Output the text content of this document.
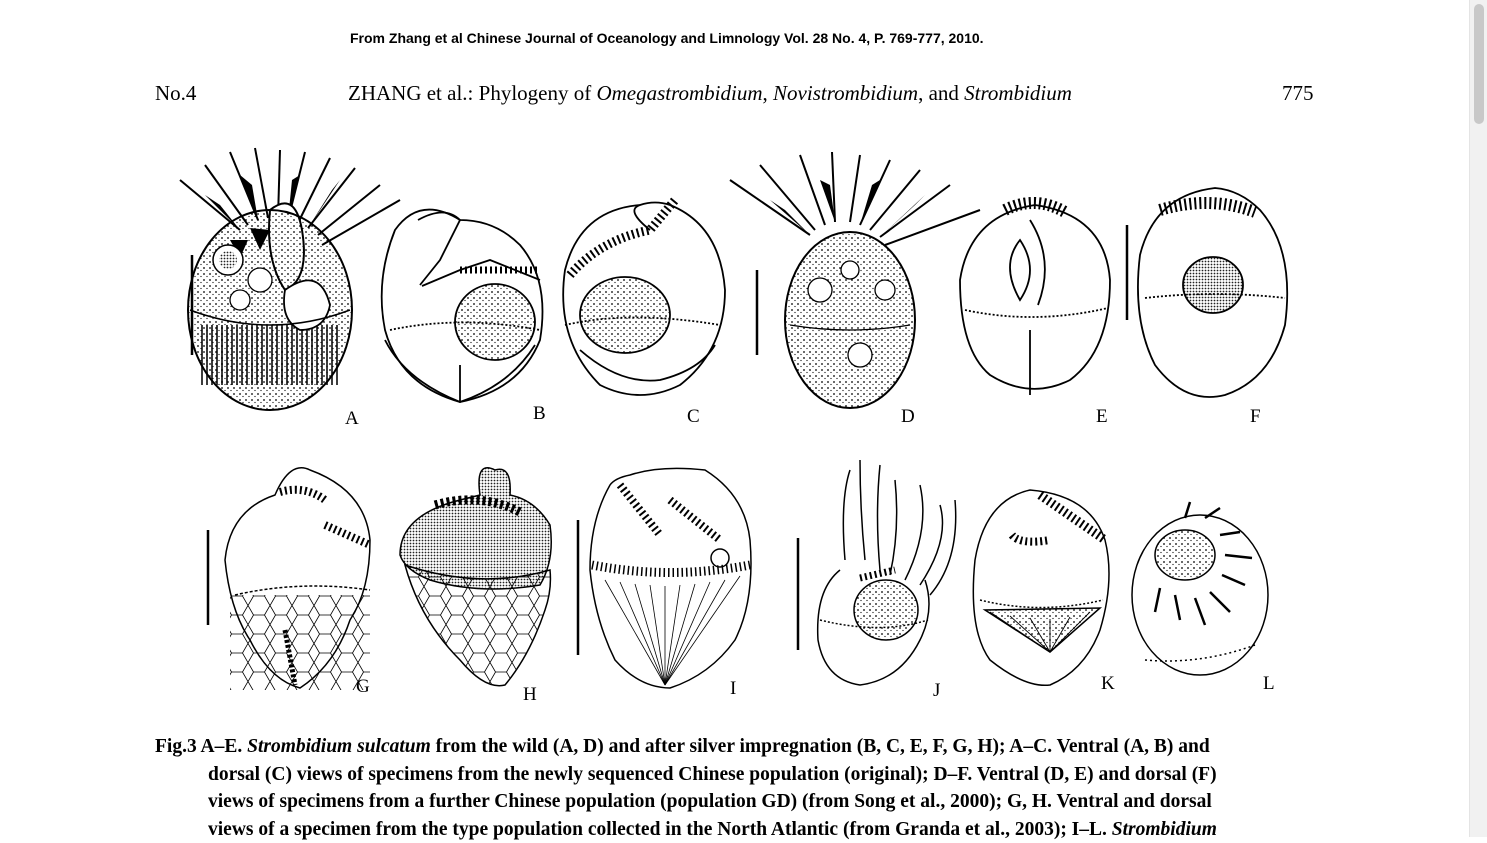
From Zhang et al Chinese Journal of Oceanology and Limnology Vol. 28 No. 4, P. 769-777, 2010.
No.4	ZHANG et al.: Phylogeny of Omegastrombidium, Novistrombidium, and Strombidium	775
A	B	C	D	E	F
G	H	I	J	K	L

Fig.3 A–E. Strombidium sulcatum from the wild (A, D) and after silver impregnation (B, C, E, F, G, H); A–C. Ventral (A, B) and

dorsal (C) views of specimens from the newly sequenced Chinese population (original); D–F. Ventral (D, E) and dorsal (F)

views of specimens from a further Chinese population (population GD) (from Song et al., 2000); G, H. Ventral and dorsal

views of a specimen from the type population collected in the North Atlantic (from Granda et al., 2003); I–L. Strombidium
